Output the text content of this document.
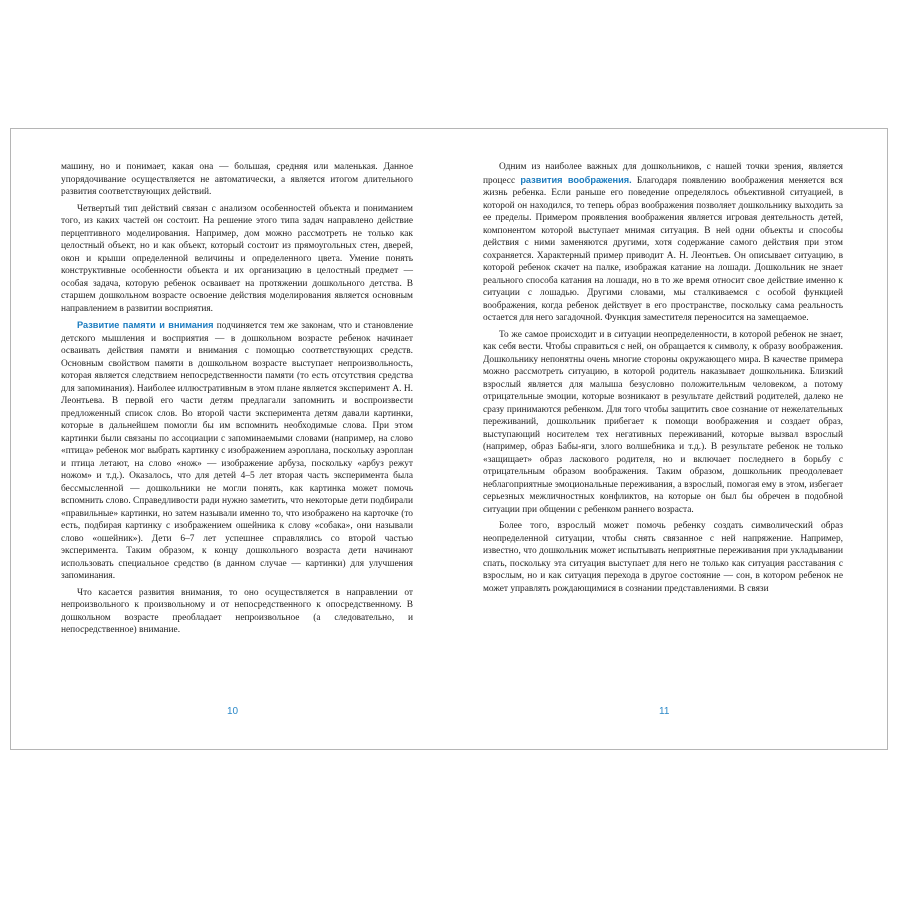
машину, но и понимает, какая она — большая, средняя или маленькая. Данное упорядочивание осуществляется не автоматически, а является итогом длительного развития соответствующих действий.

Четвертый тип действий связан с анализом особенностей объекта и пониманием того, из каких частей он состоит. На решение этого типа задач направлено действие перцептивного моделирования. Например, дом можно рассмотреть не только как целостный объект, но и как объект, который состоит из прямоугольных стен, дверей, окон и крыши определенной величины и определенного цвета. Умение понять конструктивные особенности объекта и их организацию в целостный предмет — особая задача, которую ребенок осваивает на протяжении дошкольного детства. В старшем дошкольном возрасте освоение действия моделирования является основным направлением в развитии восприятия.

Развитие памяти и внимания подчиняется тем же законам, что и становление детского мышления и восприятия — в дошкольном возрасте ребенок начинает осваивать действия памяти и внимания с помощью соответствующих средств. Основным свойством памяти в дошкольном возрасте выступает непроизвольность, которая является следствием непосредственности памяти (то есть отсутствия средства для запоминания). Наиболее иллюстративным в этом плане является эксперимент А. Н. Леонтьева. В первой его части детям предлагали запомнить и воспроизвести предложенный список слов. Во второй части эксперимента детям давали картинки, которые в дальнейшем помогли бы им вспомнить необходимые слова. При этом картинки были связаны по ассоциации с запоминаемыми словами (например, на слово «птица» ребенок мог выбрать картинку с изображением аэроплана, поскольку аэроплан и птица летают, на слово «нож» — изображение арбуза, поскольку «арбуз режут ножом» и т.д.). Оказалось, что для детей 4–5 лет вторая часть эксперимента была бессмысленной — дошкольники не могли понять, как картинка может помочь вспомнить слово. Справедливости ради нужно заметить, что некоторые дети подбирали «правильные» картинки, но затем называли именно то, что изображено на карточке (то есть, подбирая картинку с изображением ошейника к слову «собака», они называли слово «ошейник»). Дети 6–7 лет успешнее справлялись со второй частью эксперимента. Таким образом, к концу дошкольного возраста дети начинают использовать специальное средство (в данном случае — картинки) для улучшения запоминания.

Что касается развития внимания, то оно осуществляется в направлении от непроизвольного к произвольному и от непосредственного к опосредственному. В дошкольном возрасте преобладает непроизвольное (а следовательно, и непосредственное) внимание.

Одним из наиболее важных для дошкольников, с нашей точки зрения, является процесс развития воображения. Благодаря появлению воображения меняется вся жизнь ребенка. Если раньше его поведение определялось объективной ситуацией, в которой он находился, то теперь образ воображения позволяет дошкольнику выходить за ее пределы. Примером проявления воображения является игровая деятельность детей, компонентом которой выступает мнимая ситуация. В ней одни объекты и способы действия с ними заменяются другими, хотя содержание самого действия при этом сохраняется. Характерный пример приводит А. Н. Леонтьев. Он описывает ситуацию, в которой ребенок скачет на палке, изображая катание на лошади. Дошкольник не знает реального способа катания на лошади, но в то же время относит свое действие именно к ситуации с лошадью. Другими словами, мы сталкиваемся с особой функцией воображения, когда ребенок действует в его пространстве, поскольку сама реальность остается для него загадочной. Функция заместителя переносится на замещаемое.

То же самое происходит и в ситуации неопределенности, в которой ребенок не знает, как себя вести. Чтобы справиться с ней, он обращается к символу, к образу воображения. Дошкольнику непонятны очень многие стороны окружающего мира. В качестве примера можно рассмотреть ситуацию, в которой родитель наказывает дошкольника. Близкий взрослый является для малыша безусловно положительным человеком, а потому отрицательные эмоции, которые возникают в результате действий родителей, далеко не сразу принимаются ребенком. Для того чтобы защитить свое сознание от нежелательных переживаний, дошкольник прибегает к помощи воображения и создает образ, выступающий носителем тех негативных переживаний, которые вызвал взрослый (например, образ Бабы-яги, злого волшебника и т.д.). В результате ребенок не только «защищает» образ ласкового родителя, но и включает последнего в борьбу с отрицательным образом воображения. Таким образом, дошкольник преодолевает неблагоприятные эмоциональные переживания, а взрослый, помогая ему в этом, избегает серьезных межличностных конфликтов, на которые он был бы обречен в подобной ситуации при общении с ребенком раннего возраста.

Более того, взрослый может помочь ребенку создать символический образ неопределенной ситуации, чтобы снять связанное с ней напряжение. Например, известно, что дошкольник может испытывать неприятные переживания при укладывании спать, поскольку эта ситуация выступает для него не только как ситуация расставания с взрослым, но и как ситуация перехода в другое состояние — сон, в котором ребенок не может управлять рождающимися в сознании представлениями. В связи

10	11
